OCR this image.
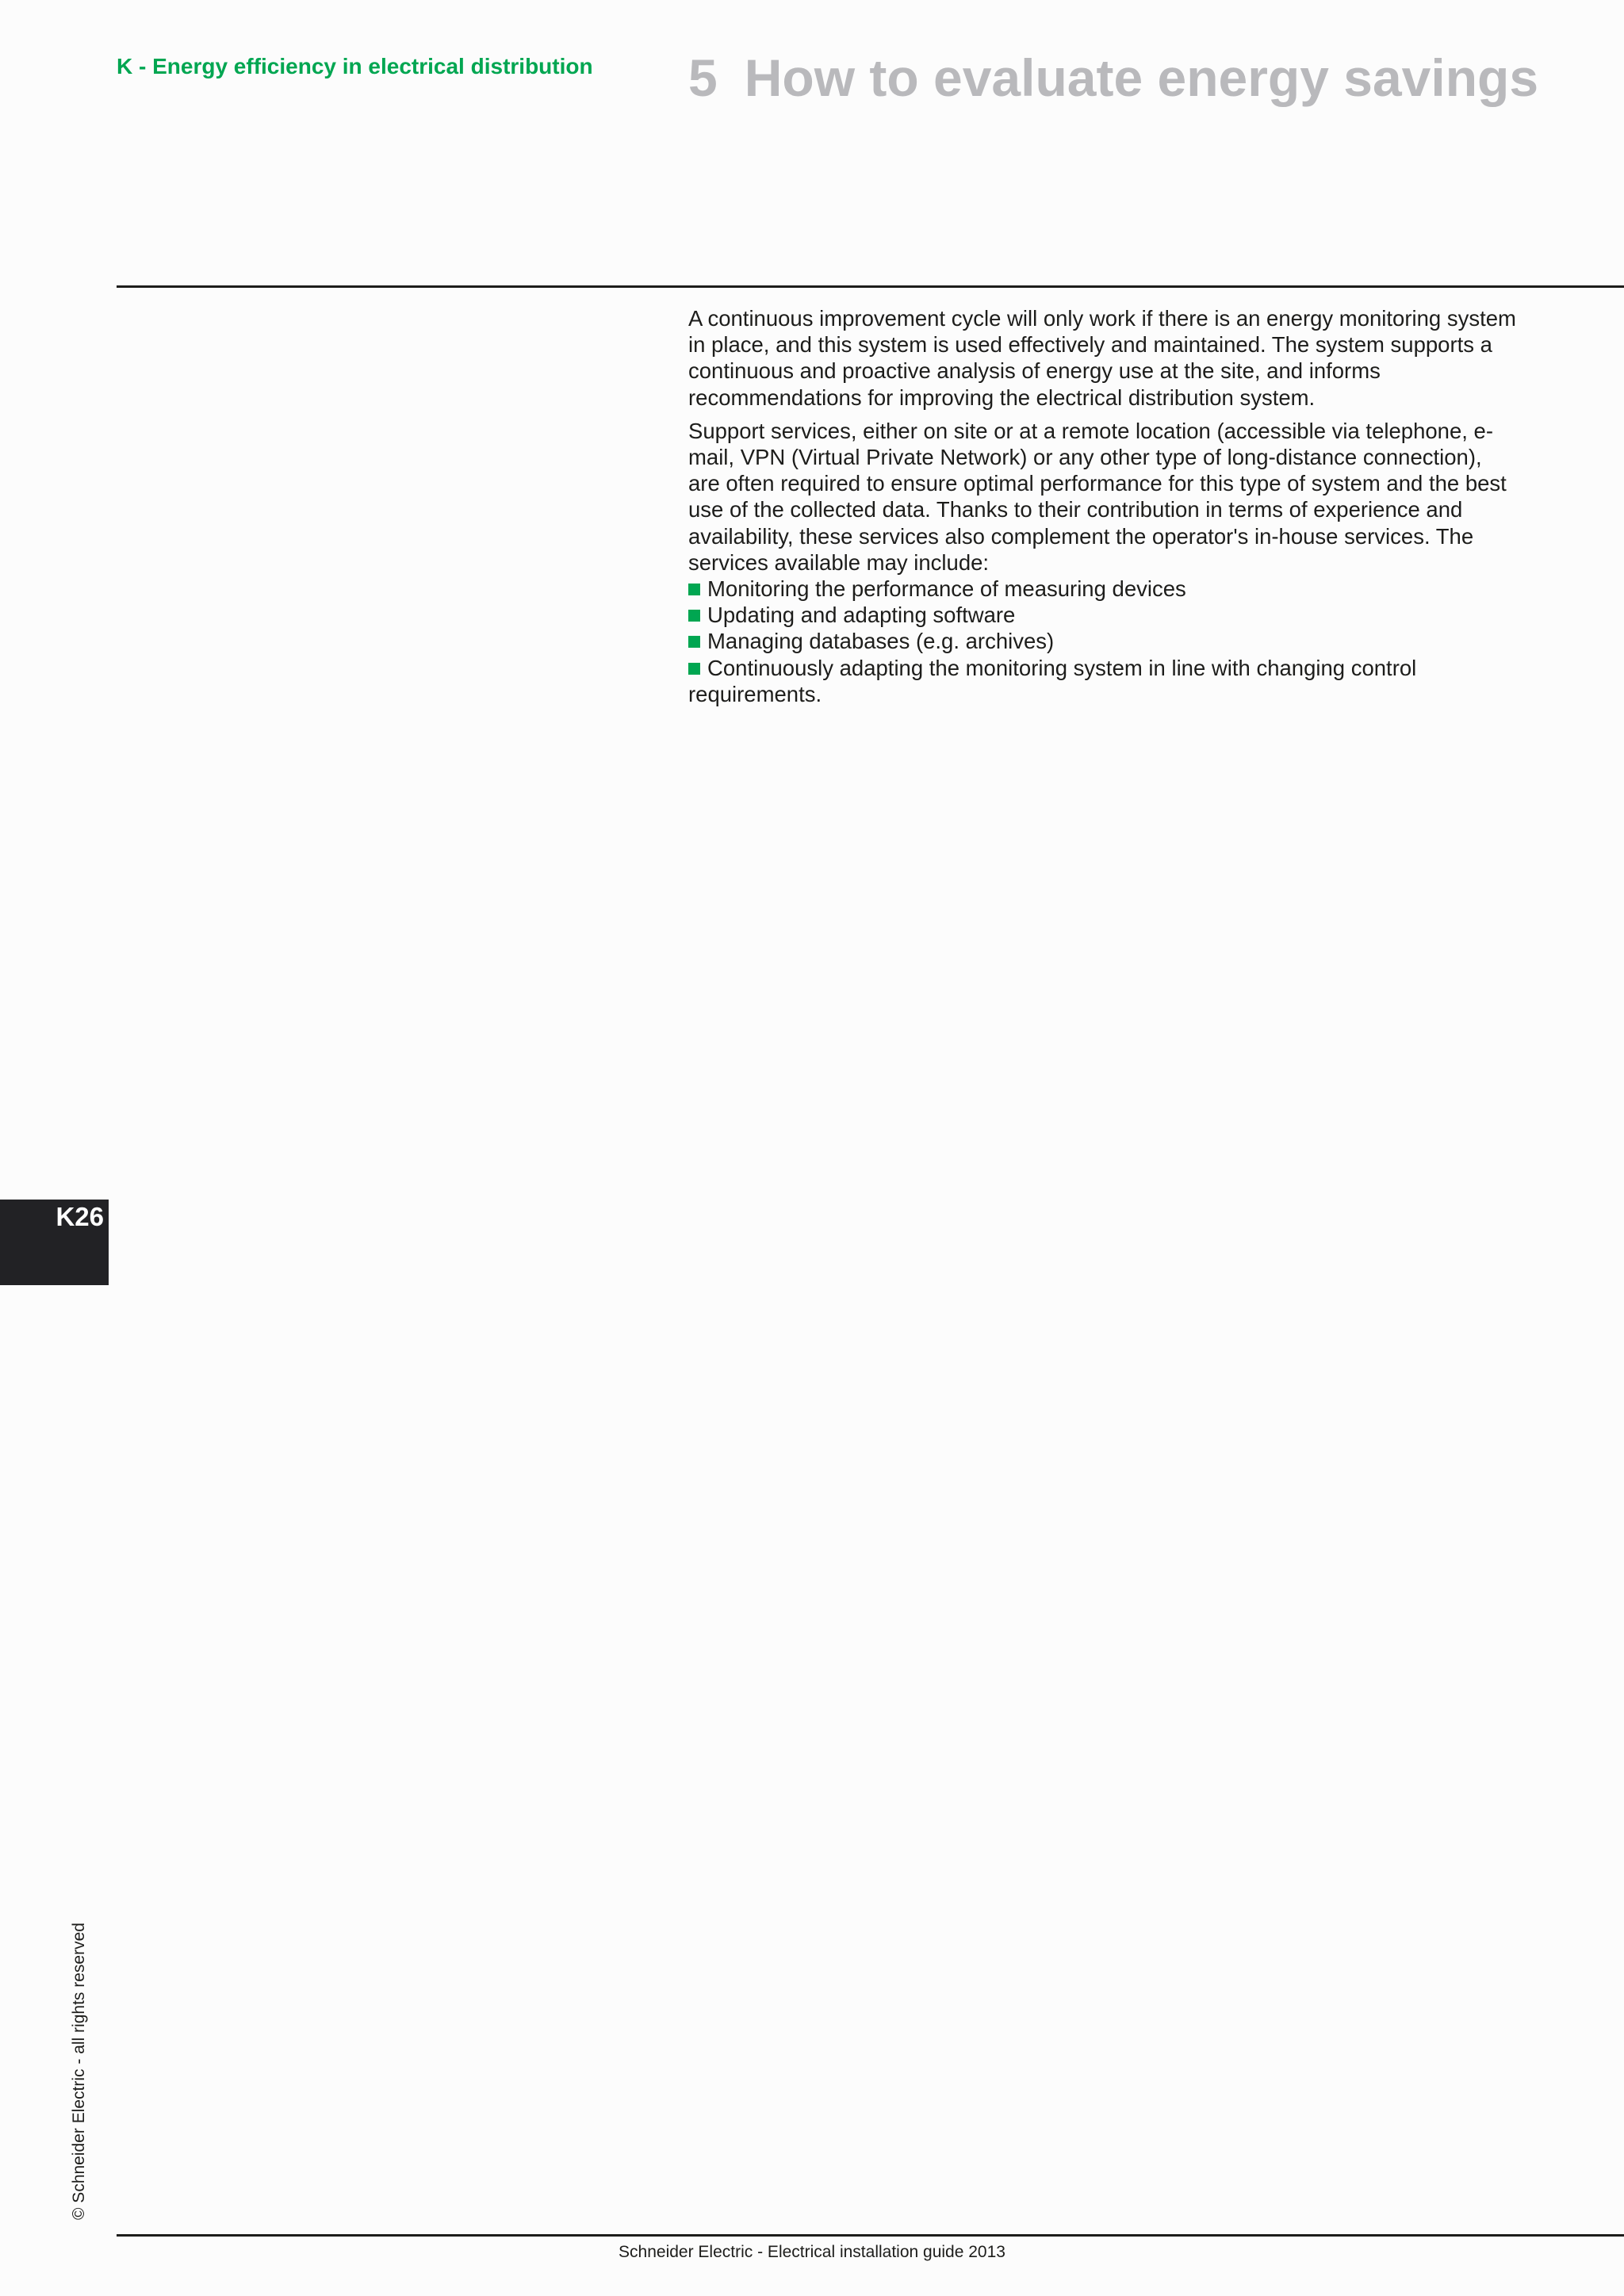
K - Energy efficiency in electrical distribution 5 How to evaluate energy savings

A continuous improvement cycle will only work if there is an energy monitoring system in place, and this system is used effectively and maintained. The system supports a continuous and proactive analysis of energy use at the site, and informs recommendations for improving the electrical distribution system.

Support services, either on site or at a remote location (accessible via telephone, e-mail, VPN (Virtual Private Network) or any other type of long-distance connection), are often required to ensure optimal performance for this type of system and the best use of the collected data. Thanks to their contribution in terms of experience and availability, these services also complement the operator's in-house services. The services available may include:

Monitoring the performance of measuring devices
Updating and adapting software
Managing databases (e.g. archives)
Continuously adapting the monitoring system in line with changing control requirements.
K26
© Schneider Electric - all rights reserved
Schneider Electric - Electrical installation guide 2013
